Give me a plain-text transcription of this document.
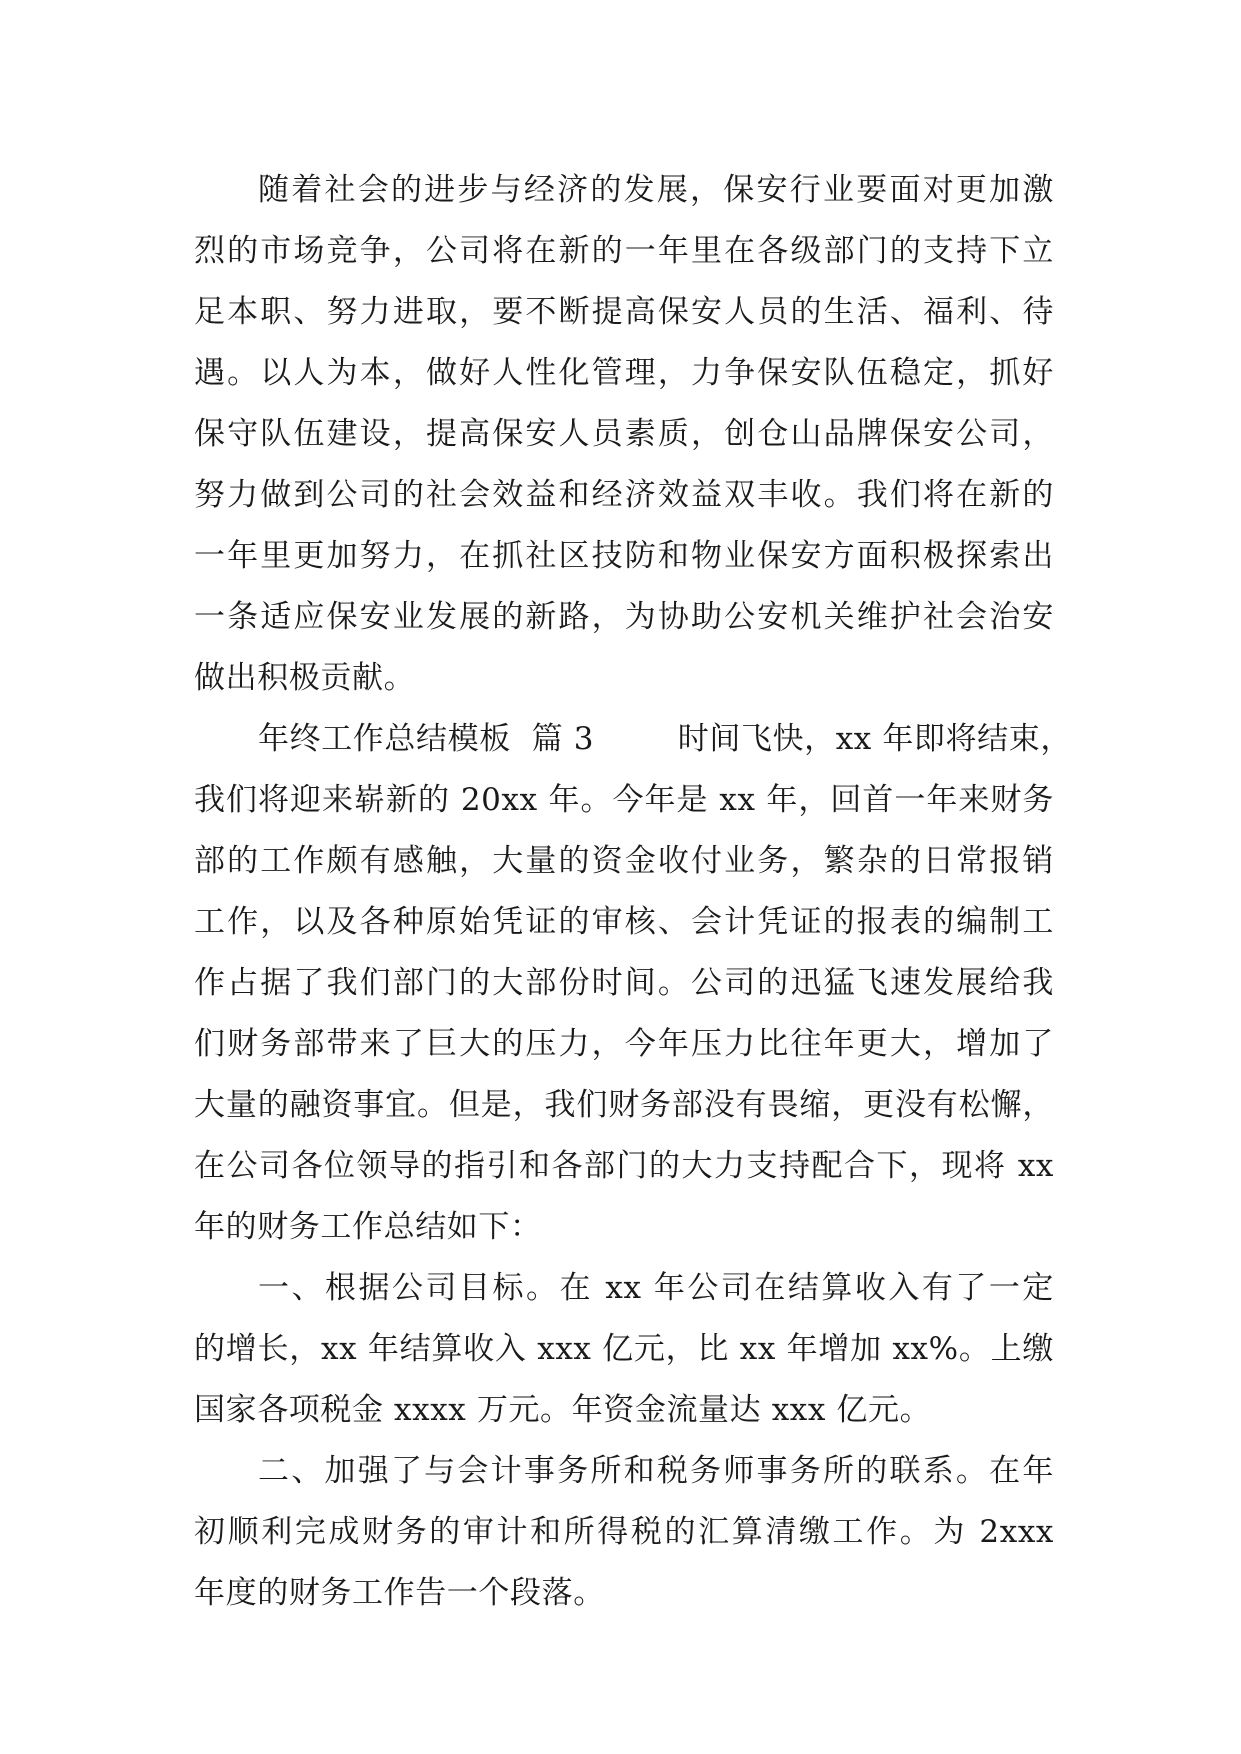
随着社会的进步与经济的发展，保安行业要面对更加激
烈的市场竞争，公司将在新的一年里在各级部门的支持下立
足本职、努力进取，要不断提高保安人员的生活、福利、待
遇。以人为本，做好人性化管理，力争保安队伍稳定，抓好
保守队伍建设，提高保安人员素质，创仓山品牌保安公司，
努力做到公司的社会效益和经济效益双丰收。我们将在新的
一年里更加努力，在抓社区技防和物业保安方面积极探索出
一条适应保安业发展的新路，为协助公安机关维护社会治安
做出积极贡献。
年终工作总结模板  篇 3        时间飞快，xx 年即将结束，
我们将迎来崭新的 20xx 年。今年是 xx 年，回首一年来财务
部的工作颇有感触，大量的资金收付业务，繁杂的日常报销
工作，以及各种原始凭证的审核、会计凭证的报表的编制工
作占据了我们部门的大部份时间。公司的迅猛飞速发展给我
们财务部带来了巨大的压力，今年压力比往年更大，增加了
大量的融资事宜。但是，我们财务部没有畏缩，更没有松懈，
在公司各位领导的指引和各部门的大力支持配合下，现将 xx
年的财务工作总结如下：
一、根据公司目标。在 xx 年公司在结算收入有了一定
的增长，xx 年结算收入 xxx 亿元，比 xx 年增加 xx%。上缴
国家各项税金 xxxx 万元。年资金流量达 xxx 亿元。
二、加强了与会计事务所和税务师事务所的联系。在年
初顺利完成财务的审计和所得税的汇算清缴工作。为 2xxx
年度的财务工作告一个段落。
